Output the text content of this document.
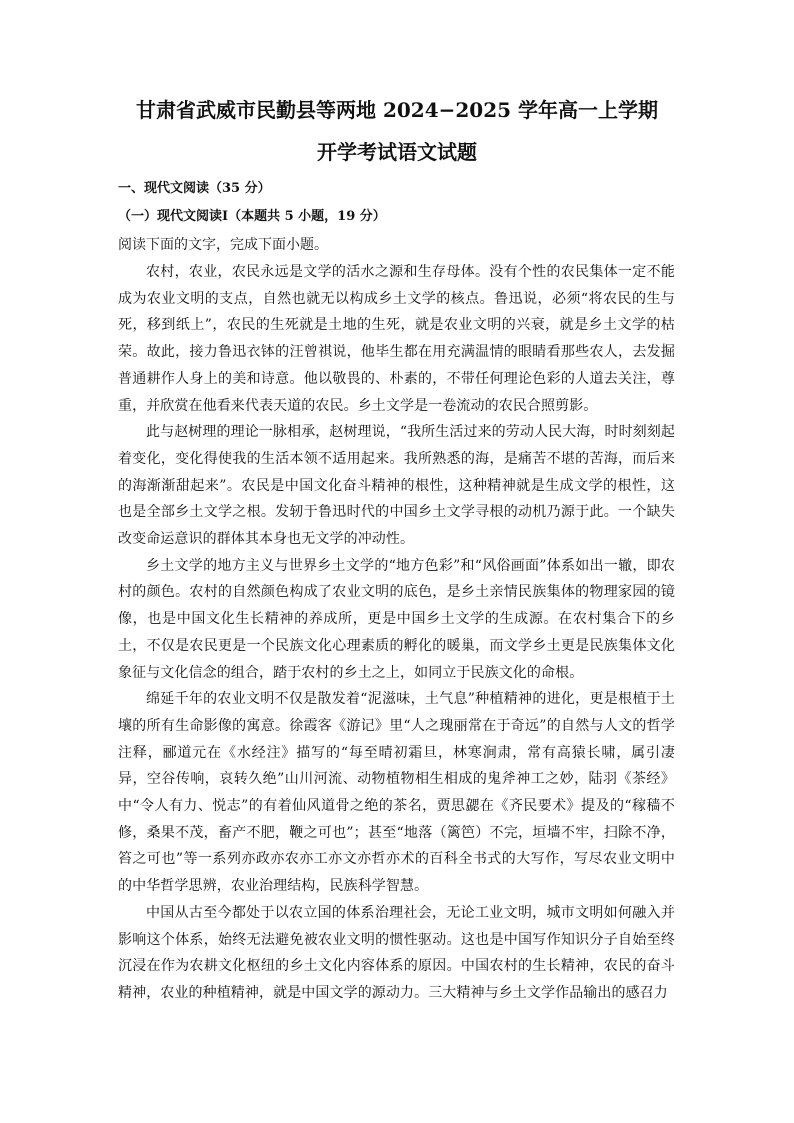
甘肃省武威市民勤县等两地 2024−2025 学年高一上学期
开学考试语文试题

一、现代文阅读（35 分）

（一）现代文阅读Ⅰ（本题共 5 小题，19 分）

阅读下面的文字，完成下面小题。

农村，农业，农民永远是文学的活水之源和生存母体。没有个性的农民集体一定不能成为农业文明的支点，自然也就无以构成乡土文学的核点。鲁迅说，必须“将农民的生与死，移到纸上”，农民的生死就是土地的生死，就是农业文明的兴衰，就是乡土文学的枯荣。故此，接力鲁迅衣钵的汪曾祺说，他毕生都在用充满温情的眼睛看那些农人，去发掘普通耕作人身上的美和诗意。他以敬畏的、朴素的，不带任何理论色彩的人道去关注，尊重，并欣赏在他看来代表天道的农民。乡土文学是一卷流动的农民合照剪影。

此与赵树理的理论一脉相承，赵树理说，“我所生活过来的劳动人民大海，时时刻刻起着变化，变化得使我的生活本领不适用起来。我所熟悉的海，是痛苦不堪的苦海，而后来的海渐渐甜起来”。农民是中国文化奋斗精神的根性，这种精神就是生成文学的根性，这也是全部乡土文学之根。发轫于鲁迅时代的中国乡土文学寻根的动机乃源于此。一个缺失改变命运意识的群体其本身也无文学的冲动性。

乡土文学的地方主义与世界乡土文学的“地方色彩”和“风俗画面”体系如出一辙，即农村的颜色。农村的自然颜色构成了农业文明的底色，是乡土亲情民族集体的物理家园的镜像，也是中国文化生长精神的养成所，更是中国乡土文学的生成源。在农村集合下的乡土，不仅是农民更是一个民族文化心理素质的孵化的暖巢，而文学乡土更是民族集体文化象征与文化信念的组合，踏于农村的乡土之上，如同立于民族文化的命根。

绵延千年的农业文明不仅是散发着“泥滋味，土气息”种植精神的进化，更是根植于土壤的所有生命影像的寓意。徐霞客《游记》里“人之瑰丽常在于奇远”的自然与人文的哲学注释，郦道元在《水经注》描写的“每至晴初霜旦，林寒涧肃，常有高猿长啸，属引凄异，空谷传响，哀转久绝”山川河流、动物植物相生相成的鬼斧神工之妙，陆羽《茶经》中“令人有力、悦志”的有着仙风道骨之绝的茶名，贾思勰在《齐民要术》提及的“稼穑不修，桑果不茂，畜产不肥，鞭之可也”；甚至“地落（篱笆）不完，垣墙不牢，扫除不净，笞之可也”等一系列亦政亦农亦工亦文亦哲亦术的百科全书式的大写作，写尽农业文明中的中华哲学思辨，农业治理结构，民族科学智慧。

中国从古至今都处于以农立国的体系治理社会，无论工业文明，城市文明如何融入并影响这个体系，始终无法避免被农业文明的惯性驱动。这也是中国写作知识分子自始至终沉浸在作为农耕文化枢纽的乡土文化内容体系的原因。中国农村的生长精神，农民的奋斗精神，农业的种植精神，就是中国文学的源动力。三大精神与乡土文学作品输出的感召力
